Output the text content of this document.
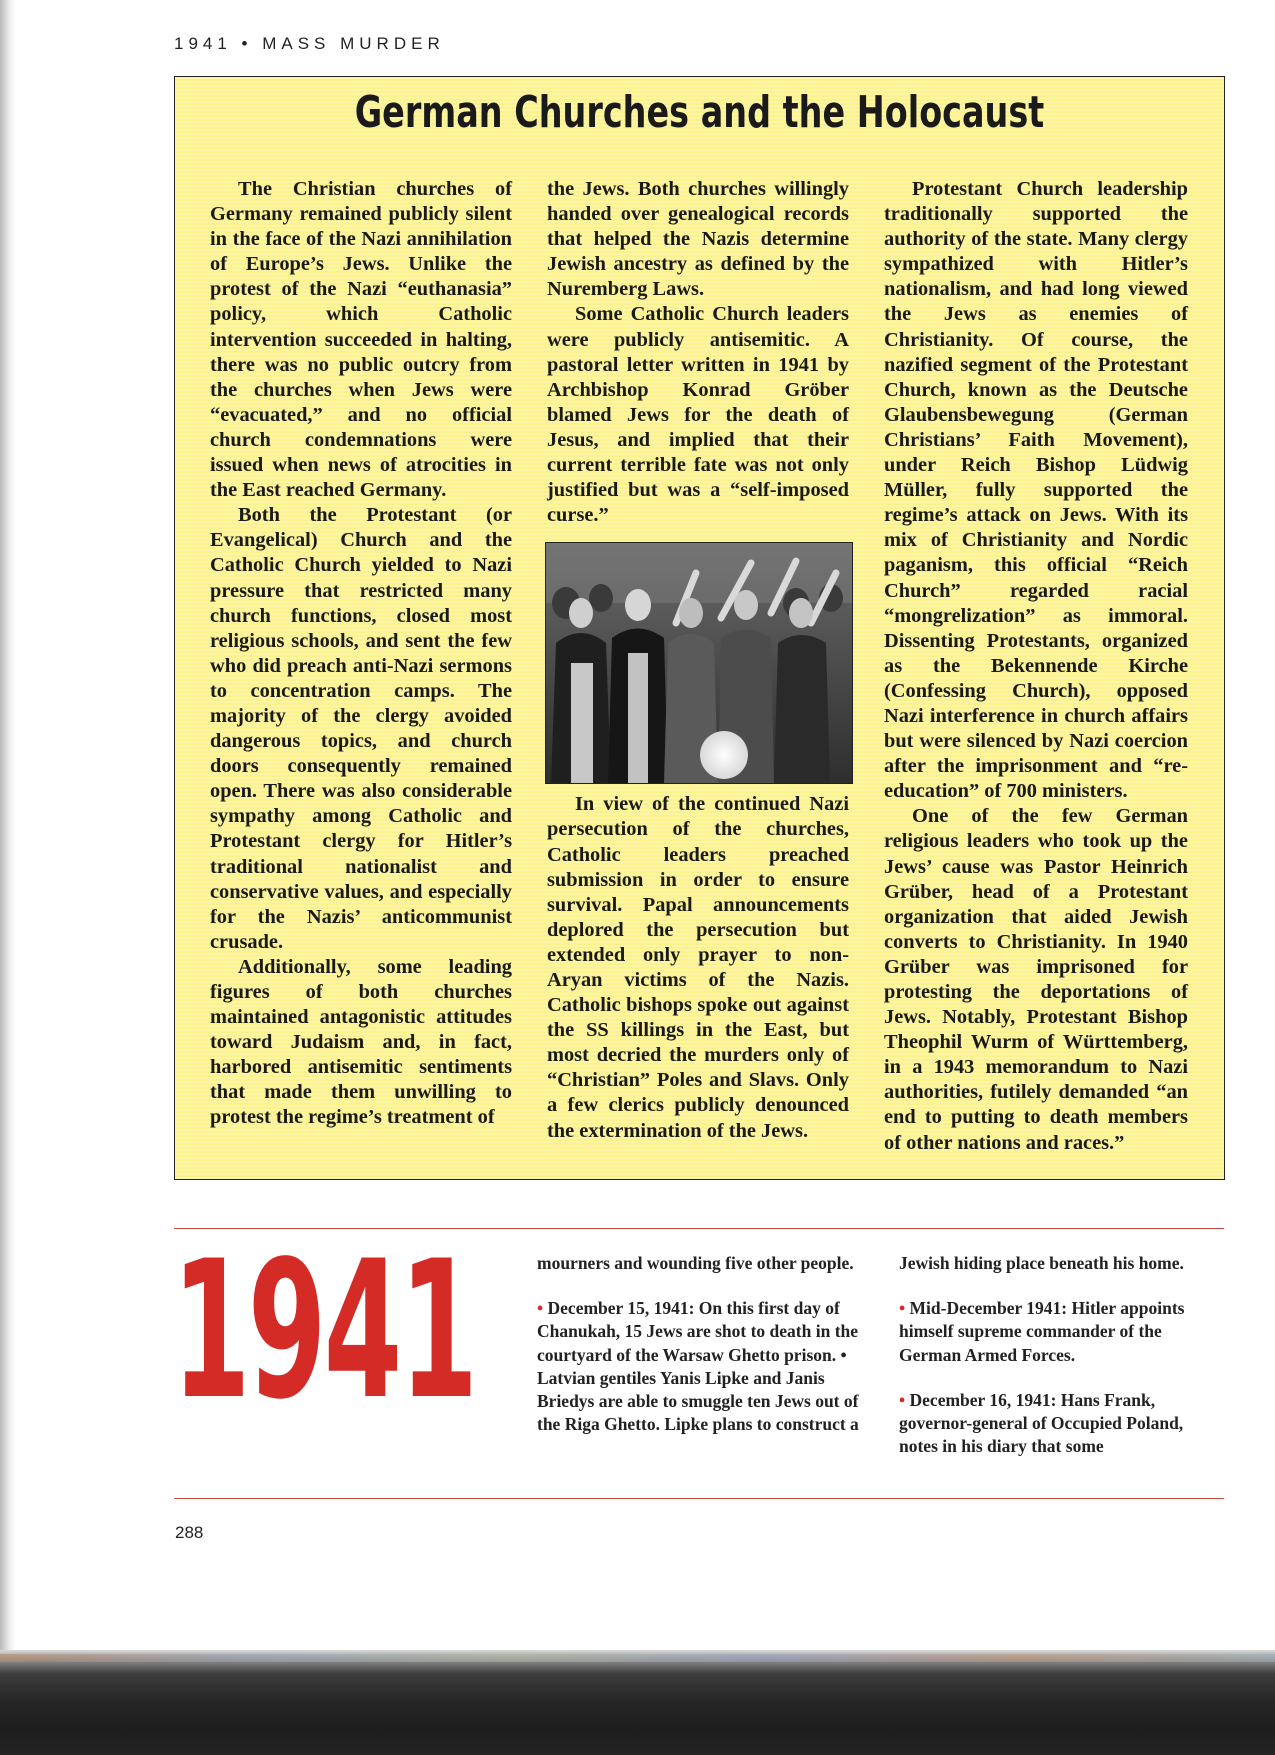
1941 • MASS MURDER
German Churches and the Holocaust

The Christian churches of Germany remained publicly silent in the face of the Nazi annihilation of Europe’s Jews. Unlike the protest of the Nazi “euthanasia” policy, which Catholic intervention succeeded in halting, there was no public outcry from the churches when Jews were “evacuated,” and no official church condemnations were issued when news of atrocities in the East reached Germany.

Both the Protestant (or Evangelical) Church and the Catholic Church yielded to Nazi pressure that restricted many church functions, closed most religious schools, and sent the few who did preach anti-Nazi sermons to concentration camps. The majority of the clergy avoided dangerous topics, and church doors consequently remained open. There was also considerable sympathy among Catholic and Protestant clergy for Hitler’s traditional nationalist and conservative values, and especially for the Nazis’ anticommunist crusade.

Additionally, some leading figures of both churches maintained antagonistic attitudes toward Judaism and, in fact, harbored antisemitic sentiments that made them unwilling to protest the regime’s treatment of

the Jews. Both churches willingly handed over genealogical records that helped the Nazis determine Jewish ancestry as defined by the Nuremberg Laws.

Some Catholic Church leaders were publicly antisemitic. A pastoral letter written in 1941 by Archbishop Konrad Gröber blamed Jews for the death of Jesus, and implied that their current terrible fate was not only justified but was a “self-imposed curse.”

In view of the continued Nazi persecution of the churches, Catholic leaders preached submission in order to ensure survival. Papal announcements deplored the persecution but extended only prayer to non-Aryan victims of the Nazis. Catholic bishops spoke out against the SS killings in the East, but most decried the murders only of “Christian” Poles and Slavs. Only a few clerics publicly denounced the extermination of the Jews.

Protestant Church leadership traditionally supported the authority of the state. Many clergy sympathized with Hitler’s nationalism, and had long viewed the Jews as enemies of Christianity. Of course, the nazified segment of the Protestant Church, known as the Deutsche Glaubensbewegung (German Christians’ Faith Movement), under Reich Bishop Lüdwig Müller, fully supported the regime’s attack on Jews. With its mix of Christianity and Nordic paganism, this official “Reich Church” regarded racial “mongrelization” as immoral. Dissenting Protestants, organized as the Bekennende Kirche (Confessing Church), opposed Nazi interference in church affairs but were silenced by Nazi coercion after the imprisonment and “re-education” of 700 ministers.

One of the few German religious leaders who took up the Jews’ cause was Pastor Heinrich Grüber, head of a Protestant organization that aided Jewish converts to Christianity. In 1940 Grüber was imprisoned for protesting the deportations of Jews. Notably, Protestant Bishop Theophil Wurm of Württemberg, in a 1943 memorandum to Nazi authorities, futilely demanded “an end to putting to death members of other nations and races.”

1941	mourners and wounding five other people.

• December 15, 1941: On this first day of Chanukah, 15 Jews are shot to death in the courtyard of the Warsaw Ghetto prison. • Latvian gentiles Yanis Lipke and Janis Briedys are able to smuggle ten Jews out of the Riga Ghetto. Lipke plans to construct a

Jewish hiding place beneath his home.

• Mid-December 1941: Hitler appoints himself supreme commander of the German Armed Forces.

• December 16, 1941: Hans Frank, governor-general of Occupied Poland, notes in his diary that some

288
